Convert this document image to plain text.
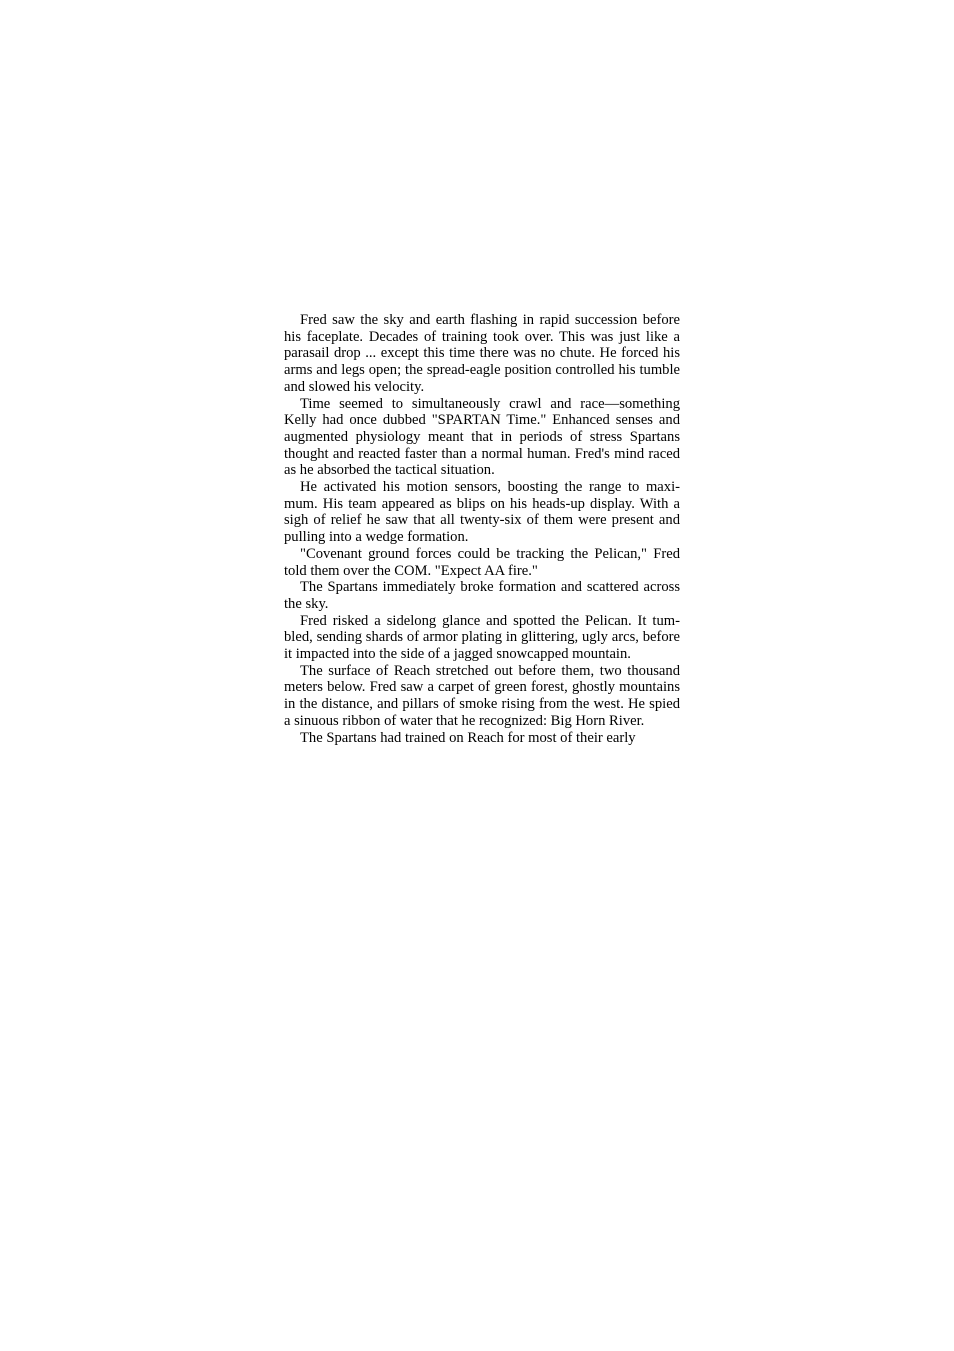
Fred saw the sky and earth flashing in rapid succession before his faceplate. Decades of training took over. This was just like a parasail drop ... except this time there was no chute. He forced his arms and legs open; the spread-eagle position controlled his tumble and slowed his velocity.

Time seemed to simultaneously crawl and race—something Kelly had once dubbed "SPARTAN Time." Enhanced senses and augmented physiology meant that in periods of stress Spartans thought and reacted faster than a normal human. Fred's mind raced as he absorbed the tactical situation.

He activated his motion sensors, boosting the range to maximum. His team appeared as blips on his heads-up display. With a sigh of relief he saw that all twenty-six of them were present and pulling into a wedge formation.

"Covenant ground forces could be tracking the Pelican," Fred told them over the COM. "Expect AA fire."

The Spartans immediately broke formation and scattered across the sky.

Fred risked a sidelong glance and spotted the Pelican. It tumbled, sending shards of armor plating in glittering, ugly arcs, before it impacted into the side of a jagged snowcapped mountain.

The surface of Reach stretched out before them, two thousand meters below. Fred saw a carpet of green forest, ghostly mountains in the distance, and pillars of smoke rising from the west. He spied a sinuous ribbon of water that he recognized: Big Horn River.

The Spartans had trained on Reach for most of their early
